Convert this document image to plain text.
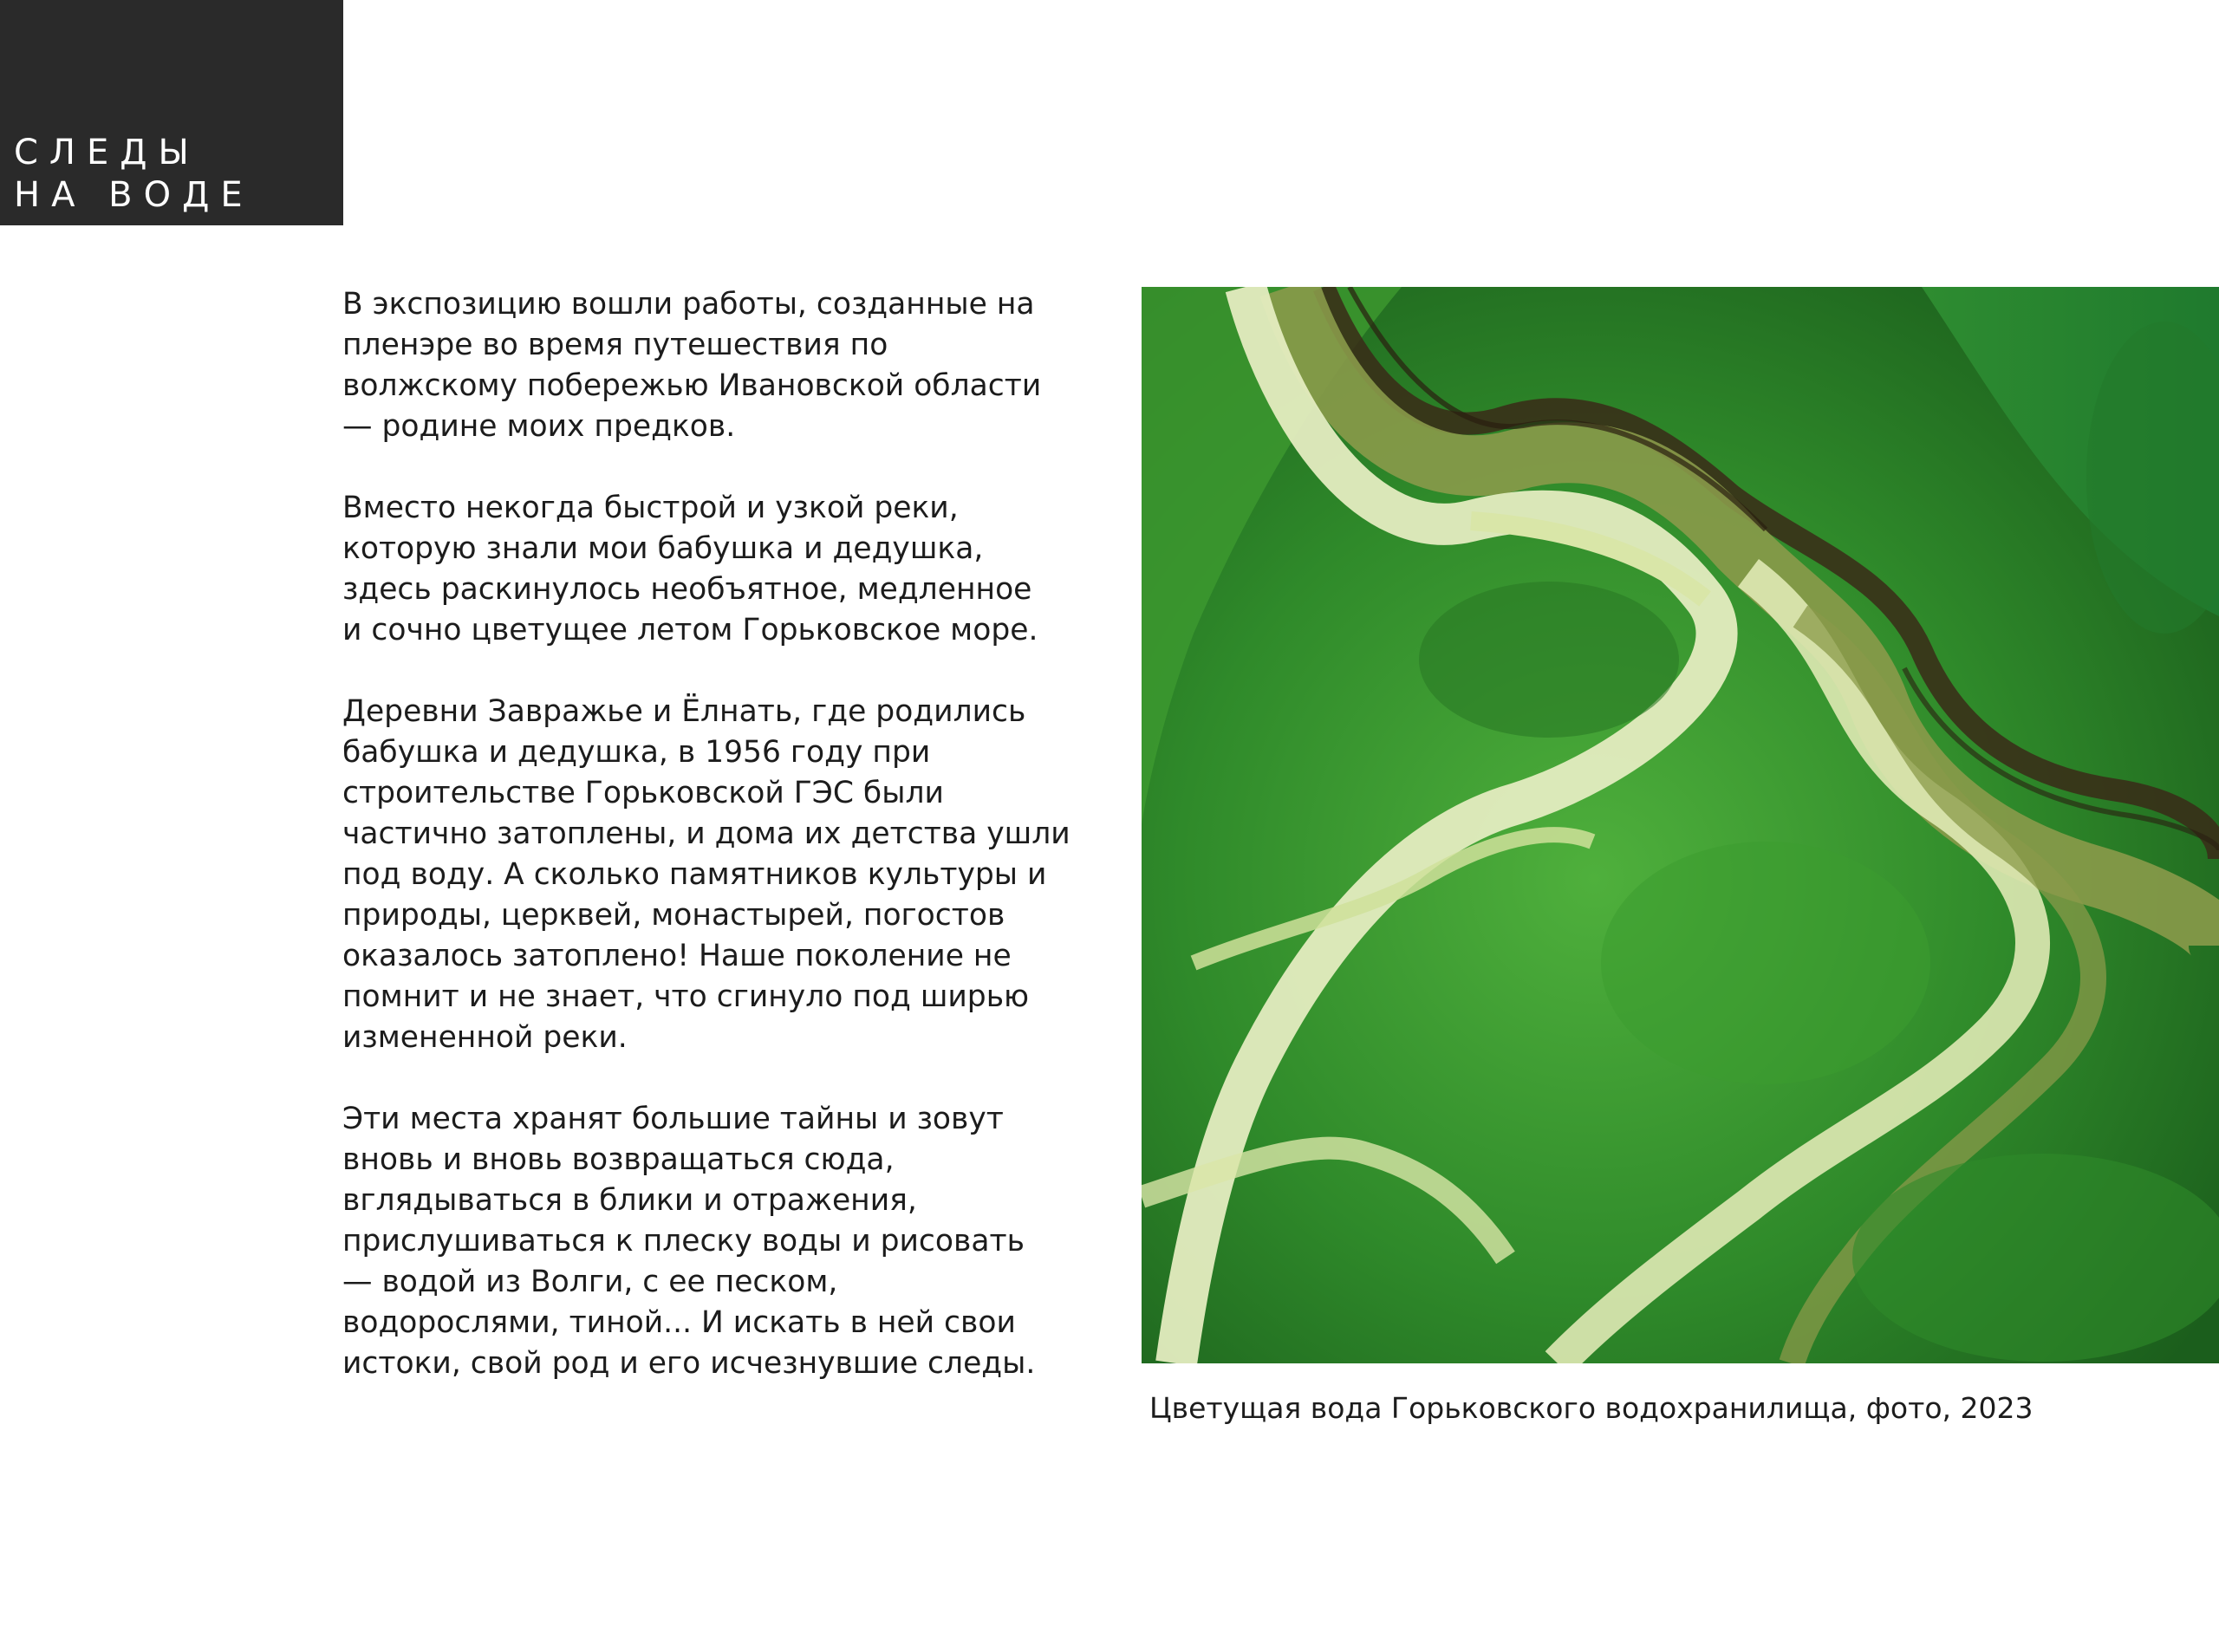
СЛЕДЫ
НА ВОДЕ

В экспозицию вошли работы, созданные на
пленэре во время путешествия по
волжскому побережью Ивановской области
— родине моих предков.

Вместо некогда быстрой и узкой реки,
которую знали мои бабушка и дедушка,
здесь раскинулось необъятное, медленное
и сочно цветущее летом Горьковское море.

Деревни Завражье и Ёлнать, где родились
бабушка и дедушка, в 1956 году при
строительстве Горьковской ГЭС были
частично затоплены, и дома их детства ушли
под воду. А сколько памятников культуры и
природы, церквей, монастырей, погостов
оказалось затоплено! Наше поколение не
помнит и не знает, что сгинуло под ширью
измененной реки.

Эти места хранят большие тайны и зовут
вновь и вновь возвращаться сюда,
вглядываться в блики и отражения,
прислушиваться к плеску воды и рисовать
— водой из Волги, с ее песком,
водорослями, тиной... И искать в ней свои
истоки, свой род и его исчезнувшие следы.

Цветущая вода Горьковского водохранилища, фото, 2023
